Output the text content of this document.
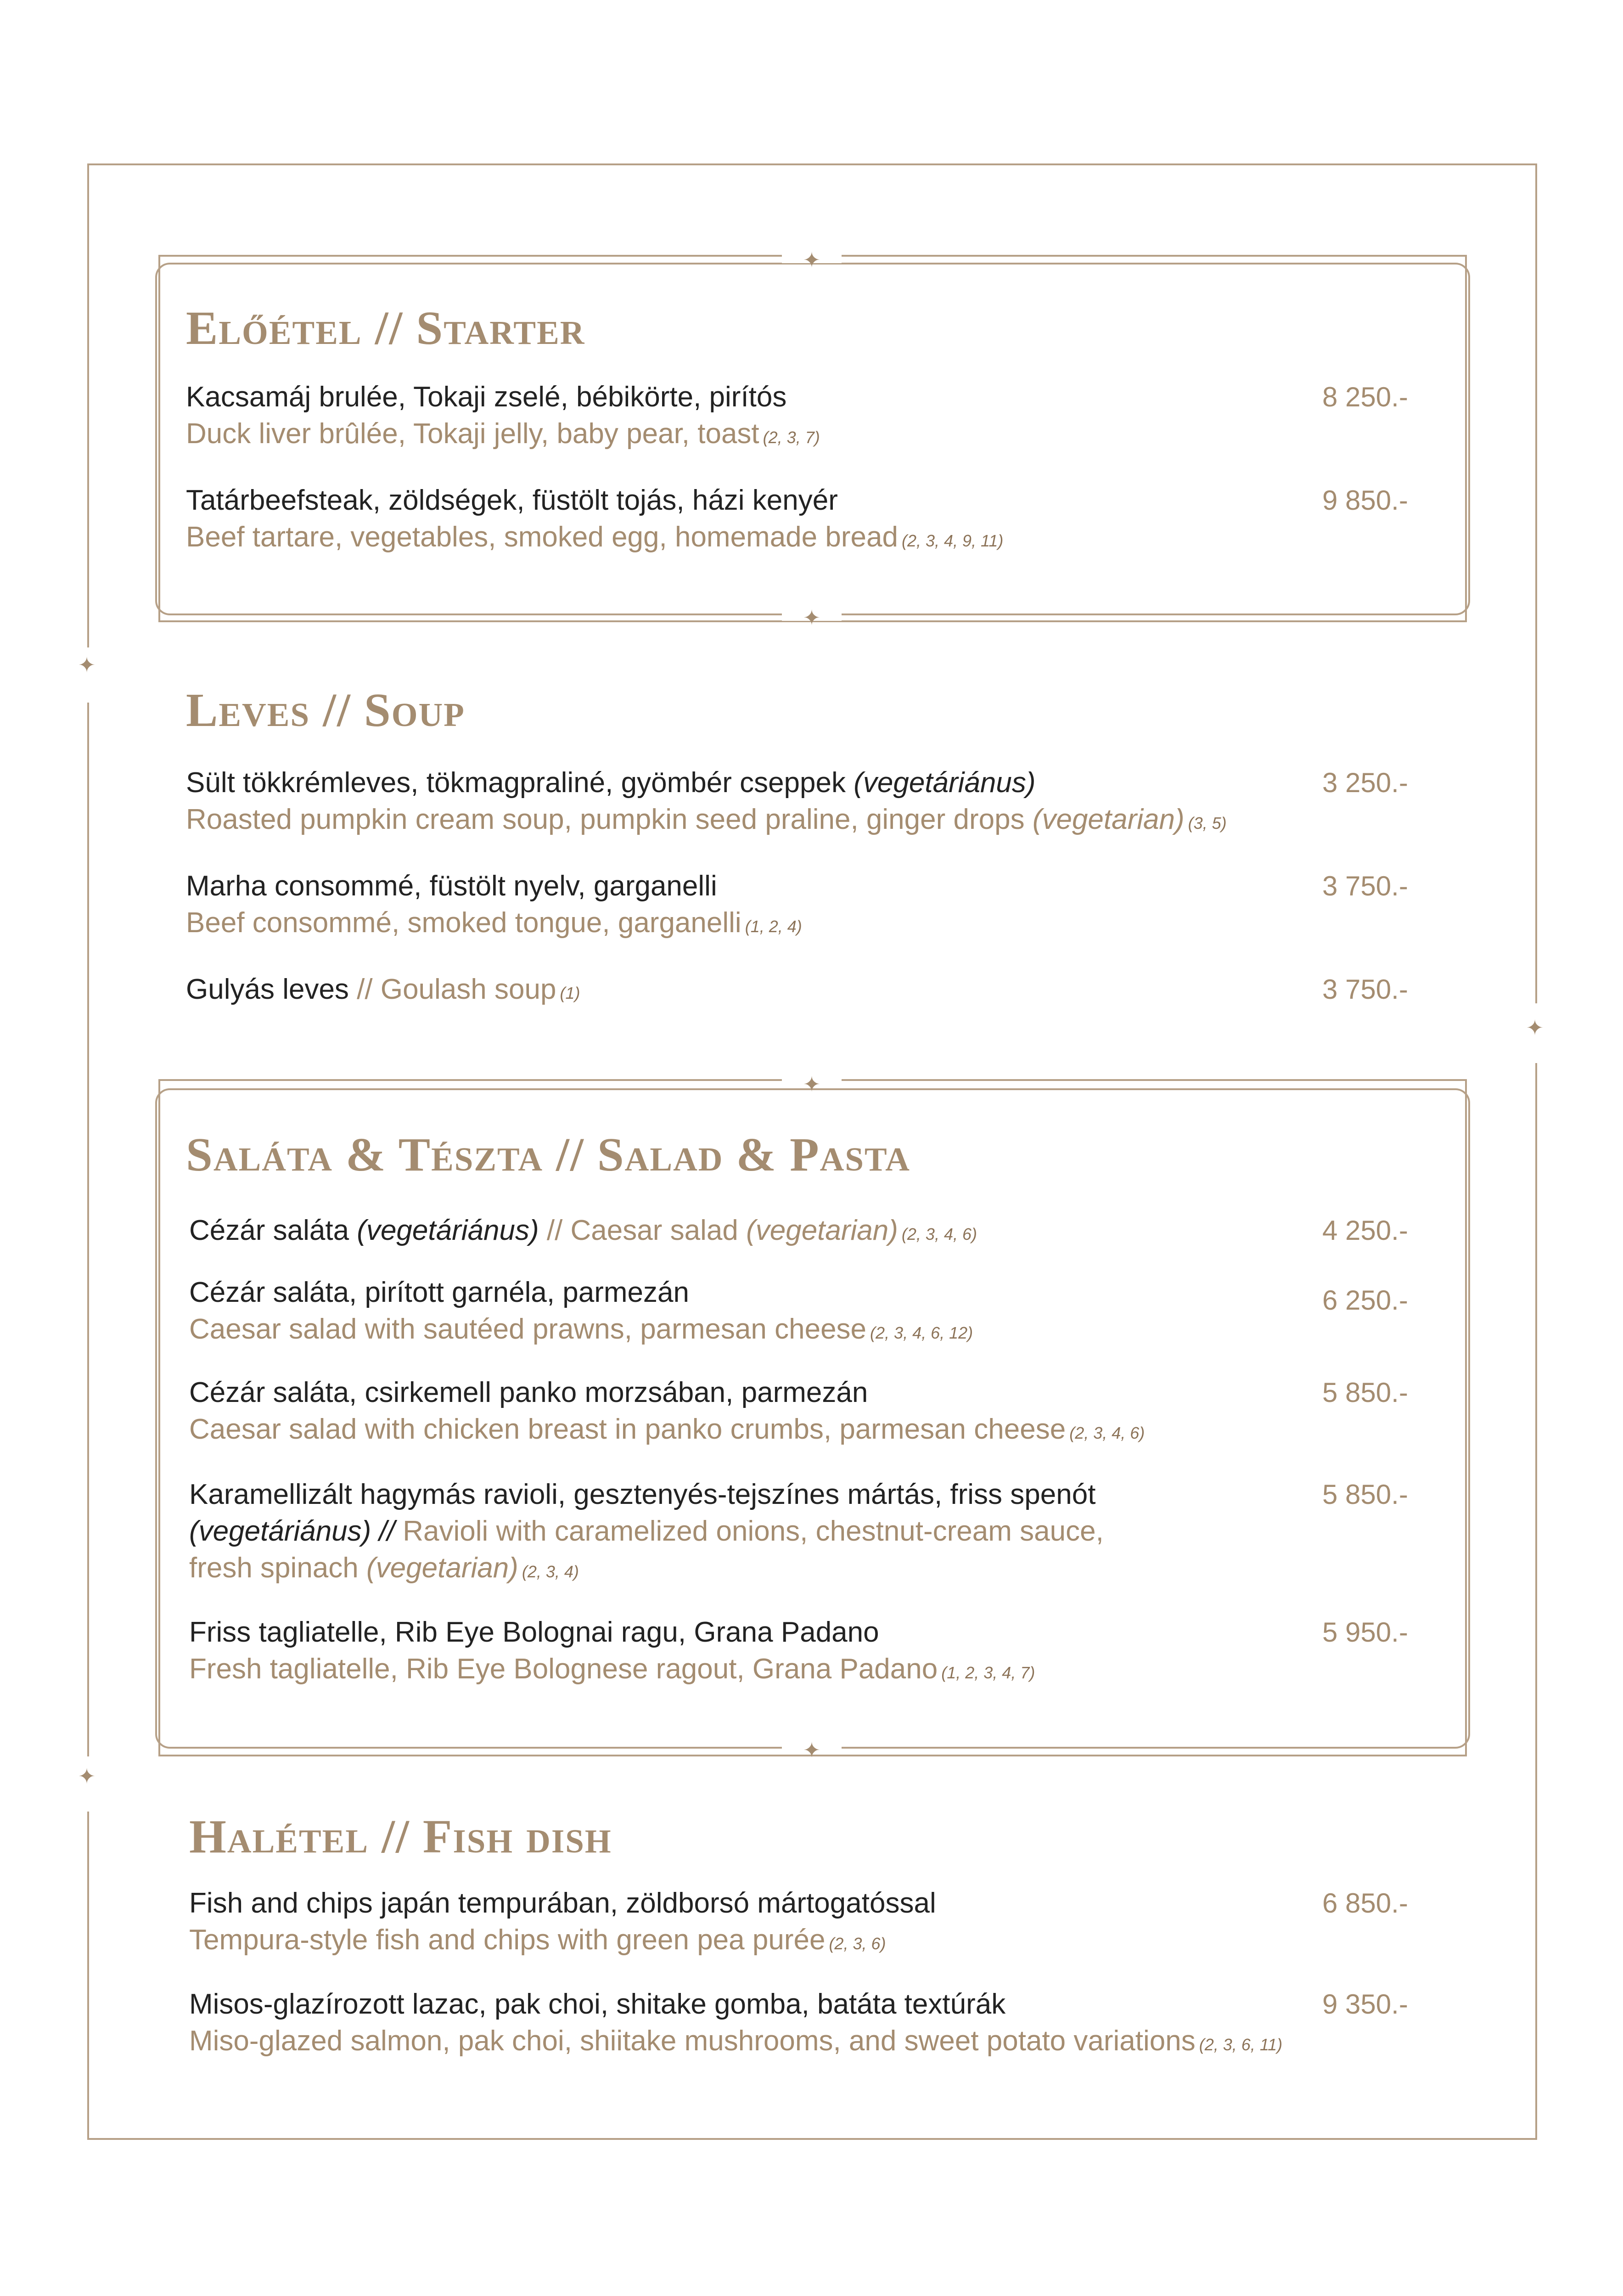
✦
✦
✦
✦
✦
Előétel // Starter
Kacsamáj brulée, Tokaji zselé, bébikörte, pirítós
Duck liver brûlée, Tokaji jelly, baby pear, toast (2, 3, 7)
8 250.-
Tatárbeefsteak, zöldségek, füstölt tojás, házi kenyér
Beef tartare, vegetables, smoked egg, homemade bread (2, 3, 4, 9, 11)
9 850.-
Leves // Soup
Sült tökkrémleves, tökmagpraliné, gyömbér cseppek (vegetáriánus)
Roasted pumpkin cream soup, pumpkin seed praline, ginger drops (vegetarian) (3, 5)
3 250.-
Marha consommé, füstölt nyelv, garganelli
Beef consommé, smoked tongue, garganelli (1, 2, 4)
3 750.-
Gulyás leves // Goulash soup (1)	3 750.-
✦
✦
Saláta & Tészta // Salad & Pasta
Cézár saláta (vegetáriánus) // Caesar salad (vegetarian) (2, 3, 4, 6)	4 250.-
Cézár saláta, pirított garnéla, parmezán
Caesar salad with sautéed prawns, parmesan cheese (2, 3, 4, 6, 12)
6 250.-
Cézár saláta, csirkemell panko morzsában, parmezán
Caesar salad with chicken breast in panko crumbs, parmesan cheese (2, 3, 4, 6)
5 850.-
Karamellizált hagymás ravioli, gesztenyés-tejszínes mártás, friss spenót
(vegetáriánus) // Ravioli with caramelized onions, chestnut-cream sauce,
fresh spinach (vegetarian) (2, 3, 4)
5 850.-
Friss tagliatelle, Rib Eye Bolognai ragu, Grana Padano
Fresh tagliatelle, Rib Eye Bolognese ragout, Grana Padano (1, 2, 3, 4, 7)
5 950.-
Halétel // Fish dish
Fish and chips japán tempurában, zöldborsó mártogatóssal
Tempura-style fish and chips with green pea purée (2, 3, 6)
6 850.-
Misos-glazírozott lazac, pak choi, shitake gomba, batáta textúrák
Miso-glazed salmon, pak choi, shiitake mushrooms, and sweet potato variations (2, 3, 6, 11)
9 350.-
